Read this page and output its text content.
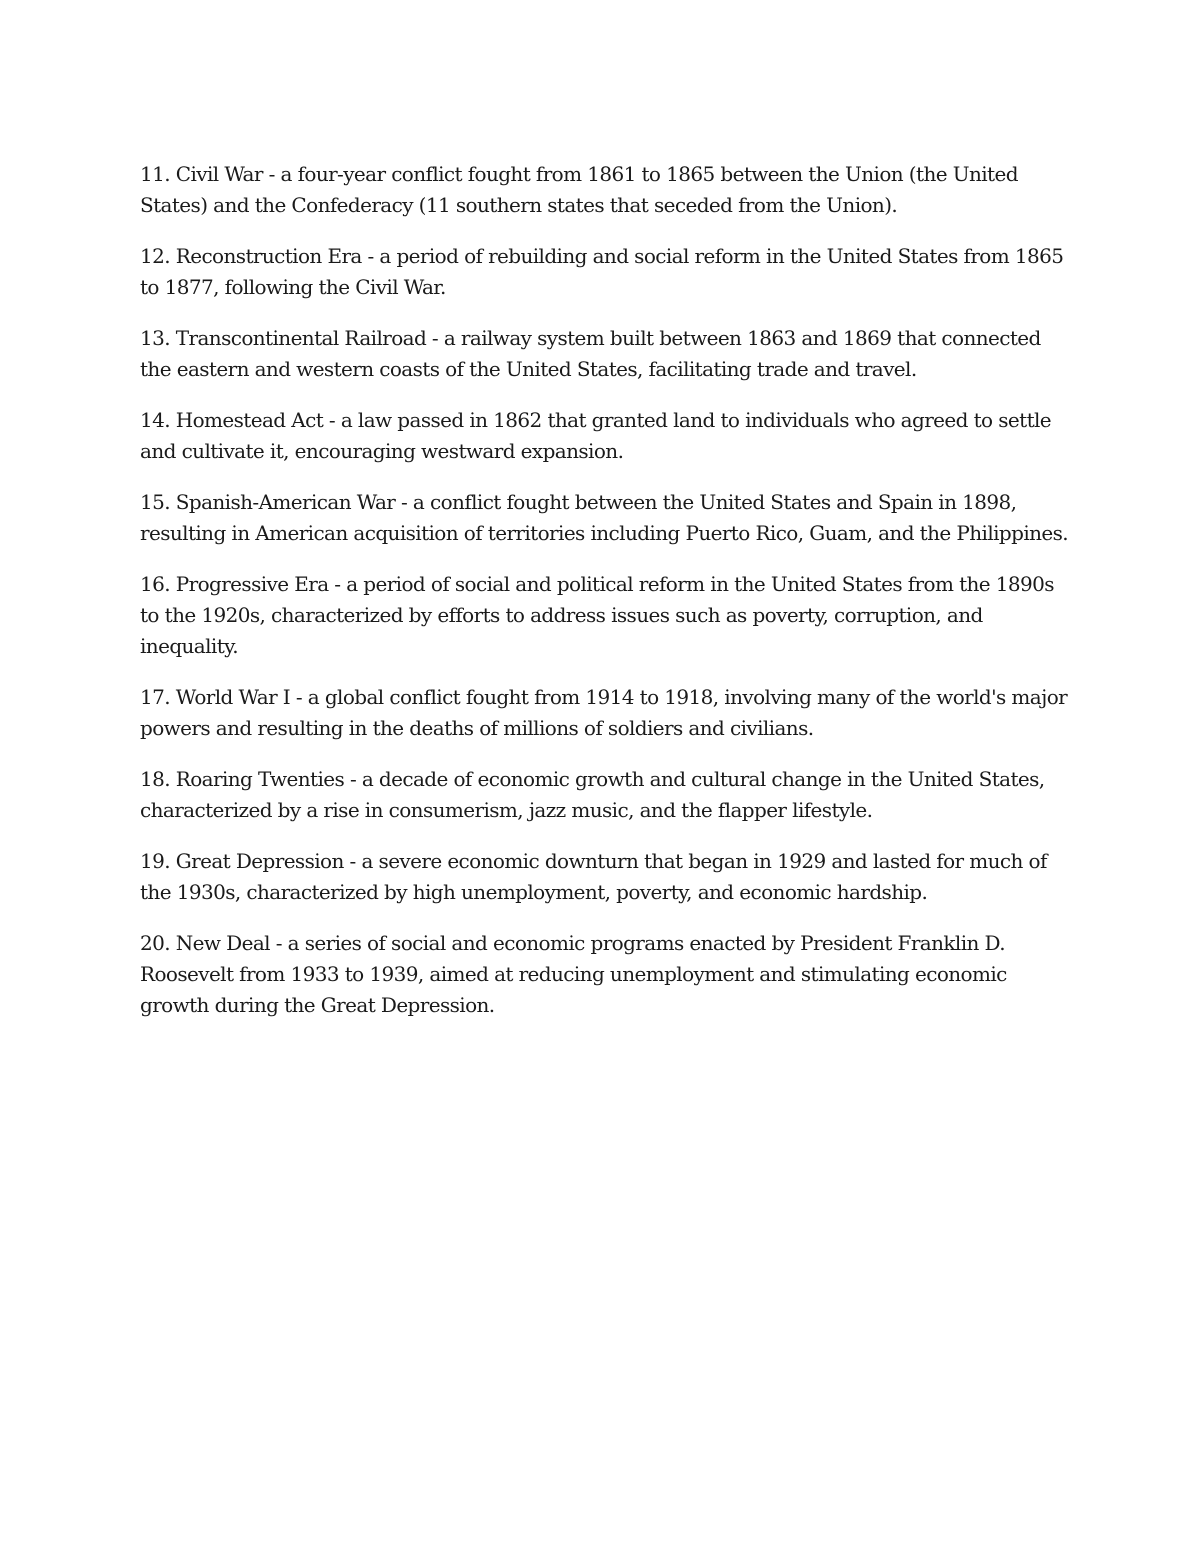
11. Civil War - a four-year conflict fought from 1861 to 1865 between the Union (the United States) and the Confederacy (11 southern states that seceded from the Union).

12. Reconstruction Era - a period of rebuilding and social reform in the United States from 1865 to 1877, following the Civil War.

13. Transcontinental Railroad - a railway system built between 1863 and 1869 that connected the eastern and western coasts of the United States, facilitating trade and travel.

14. Homestead Act - a law passed in 1862 that granted land to individuals who agreed to settle and cultivate it, encouraging westward expansion.

15. Spanish-American War - a conflict fought between the United States and Spain in 1898, resulting in American acquisition of territories including Puerto Rico, Guam, and the Philippines.

16. Progressive Era - a period of social and political reform in the United States from the 1890s to the 1920s, characterized by efforts to address issues such as poverty, corruption, and inequality.

17. World War I - a global conflict fought from 1914 to 1918, involving many of the world's major powers and resulting in the deaths of millions of soldiers and civilians.

18. Roaring Twenties - a decade of economic growth and cultural change in the United States, characterized by a rise in consumerism, jazz music, and the flapper lifestyle.

19. Great Depression - a severe economic downturn that began in 1929 and lasted for much of the 1930s, characterized by high unemployment, poverty, and economic hardship.

20. New Deal - a series of social and economic programs enacted by President Franklin D. Roosevelt from 1933 to 1939, aimed at reducing unemployment and stimulating economic growth during the Great Depression.
